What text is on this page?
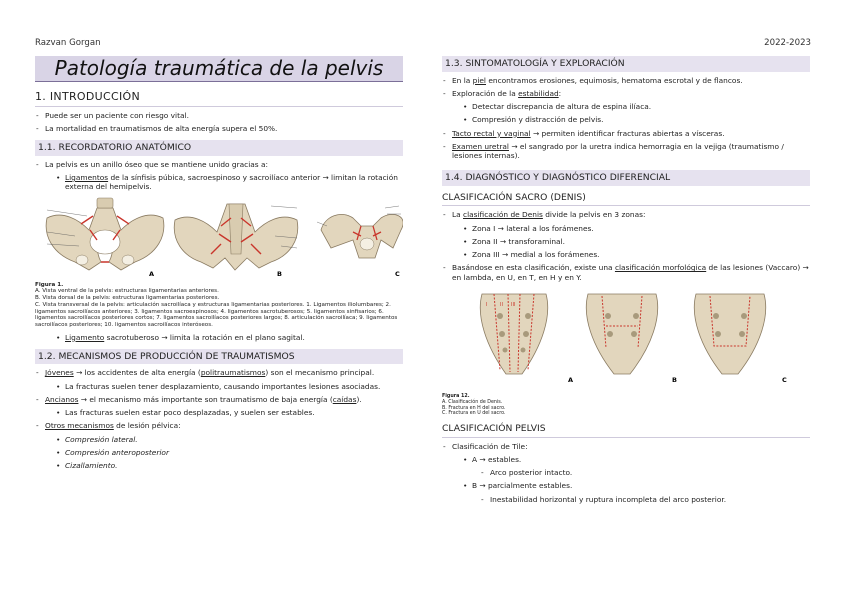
Razvan Gorgan	2022-2023
Patología traumática de la pelvis
1. INTRODUCCIÓN
- Puede ser un paciente con riesgo vital.
- La mortalidad en traumatismos de alta energía supera el 50%.
1.1. RECORDATORIO ANATÓMICO
- La pelvis es un anillo óseo que se mantiene unido gracias a:
• Ligamentos de la sínfisis púbica, sacroespinoso y sacroilíaco anterior → limitan la rotación externa del hemipelvis.
A	B	C
Figura 1.
A. Vista ventral de la pelvis: estructuras ligamentarias anteriores.
B. Vista dorsal de la pelvis: estructuras ligamentarias posteriores.
C. Vista transversal de la pelvis: articulación sacroilíaca y estructuras ligamentarias posteriores. 1. Ligamentos iliolumbares; 2. ligamentos sacroilíacos anteriores; 3. ligamentos sacroespinosos; 4. ligamentos sacrotuberosos; 5. ligamentos sinfisarios; 6. ligamentos sacroilíacos posteriores cortos; 7. ligamentos sacroilíacos posteriores largos; 8. articulación sacroilíaca; 9. ligamentos sacroilíacos posteriores; 10. ligamentos sacroilíacos interóseos.
• Ligamento sacrotuberoso → limita la rotación en el plano sagital.
1.2. MECANISMOS DE PRODUCCIÓN DE TRAUMATISMOS
- Jóvenes → los accidentes de alta energía (politraumatismos) son el mecanismo principal.
• La fracturas suelen tener desplazamiento, causando importantes lesiones asociadas.
- Ancianos → el mecanismo más importante son traumatismo de baja energía (caídas).
• Las fracturas suelen estar poco desplazadas, y suelen ser estables.
- Otros mecanismos de lesión pélvica:
• Compresión lateral.
• Compresión anteroposterior
• Cizallamiento.
1.3. SINTOMATOLOGÍA Y EXPLORACIÓN
- En la piel encontramos erosiones, equimosis, hematoma escrotal y de flancos.
- Exploración de la estabilidad:
• Detectar discrepancia de altura de espina ilíaca.
• Compresión y distracción de pelvis.
- Tacto rectal y vaginal → permiten identificar fracturas abiertas a vísceras.
- Examen uretral → el sangrado por la uretra indica hemorragia en la vejiga (traumatismo / lesiones internas).
1.4. DIAGNÓSTICO Y DIAGNÓSTICO DIFERENCIAL
CLASIFICACIÓN SACRO (DENIS)
- La clasificación de Denis divide la pelvis en 3 zonas:
• Zona I → lateral a los forámenes.
• Zona II → transforaminal.
• Zona III → medial a los forámenes.
- Basándose en esta clasificación, existe una clasificación morfológica de las lesiones (Vaccaro) → en lambda, en U, en T, en H y en Y.
I	II III
A	B	C
Figura 12.
A. Clasificación de Denis.
B. Fractura en H del sacro.
C. Fractura en U del sacro.
CLASIFICACIÓN PELVIS
- Clasificación de Tile:
• A → estables.
- Arco posterior intacto.
• B → parcialmente estables.
- Inestabilidad horizontal y ruptura incompleta del arco posterior.
